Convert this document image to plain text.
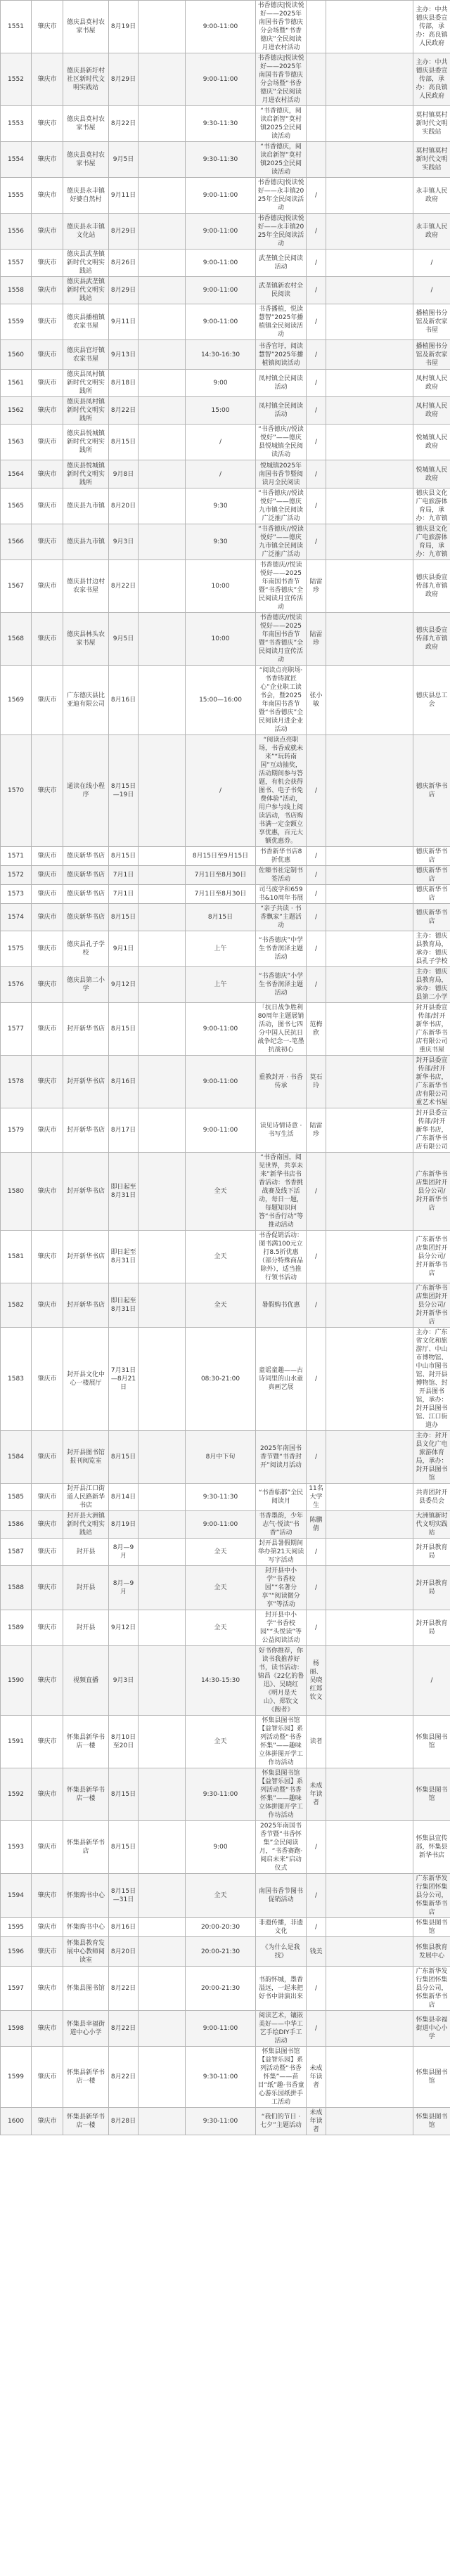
1551	肇庆市	德庆县莫村农家书屋	8月19日		9:00-11:00	书香德庆|悦读悦好——2025年南国书香节德庆分会场暨“书香德庆”全民阅读月进农村活动			主办：中共德庆县委宣传部，承办：高良镇人民政府
1552	肇庆市	德庆县新圩村社区新时代文明实践站	8月29日		9:00-11:00	书香德庆|悦读悦好——2025年南国书香节德庆分会场暨“书香德庆”全民阅读月进农村活动			主办：中共德庆县委宣传部，承办：高良镇人民政府
1553	肇庆市	德庆县莫村农家书屋	8月22日		9:30-11:30	“书香德庆，阅读启新智”莫村镇2025全民阅读活动			莫村镇莫村新时代文明实践站
1554	肇庆市	德庆县莫村农家书屋	9月5日		9:30-11:30	“书香德庆，阅读启新智”莫村镇2025全民阅读活动			莫村镇莫村新时代文明实践站
1555	肇庆市	德庆县永丰镇好婆自然村	9月11日		9:00-11:00	书香德庆|悦读悦好——永丰镇2025年全民阅读活动	/		永丰镇人民政府
1556	肇庆市	德庆县永丰镇文化站	8月29日		9:00-11:00	书香德庆|悦读悦好——永丰镇2025年全民阅读活动	/		永丰镇人民政府
1557	肇庆市	德庆县武垄镇新时代文明实践站	8月26日		9:00-11:00	武垄镇全民阅读活动	/		/
1558	肇庆市	德庆县武垄镇新时代文明实践站	8月29日		9:00-11:00	武垄镇新农村全民阅读	/		/
1559	肇庆市	德庆县播植镇农家书屋	9月11日		9:00-11:00	书香播植，悦读慧智”2025年播植镇全民阅读活动	/		播植图书分馆及新农家书屋
1560	肇庆市	德庆县官圩镇农家书屋	9月13日		14:30-16:30	书香官圩，阅读慧智”2025年播植镇阅读活动	/		播植图书分馆及新农家书屋
1561	肇庆市	德庆县凤村镇新时代文明实践所	8月18日		9:00	凤村镇全民阅读活动	/		凤村镇人民政府
1562	肇庆市	德庆县凤村镇新时代文明实践所	8月22日		15:00	凤村镇全民阅读活动	/		凤村镇人民政府
1563	肇庆市	德庆县悦城镇新时代文明实践所	8月15日		/	“书香德庆//悦读悦好”——德庆县悦城镇全民阅读活动	/		悦城镇人民政府
1564	肇庆市	德庆县悦城镇新时代文明实践所	9月8日		/	悦城镇2025年南国书香节暨阅读月全民阅读	/		悦城镇人民政府
1565	肇庆市	德庆县九市镇	8月20日		9:30	“书香德庆//悦读悦好”——德庆九市镇全民阅读广泛推广活动	/		德庆县文化广电旅游体育局，承办：九市镇
1566	肇庆市	德庆县九市镇	9月3日		9:30	“书香德庆//悦读悦好”——德庆九市镇全民阅读广泛推广活动	/		德庆县文化广电旅游体育局，承办：九市镇
1567	肇庆市	德庆县甘边村农家书屋	8月22日		10:00	书香德庆//悦读悦好——2025年南国书香节暨“书香德庆”全民阅读月宣传活动	陆雷珍		德庆县委宣传部九市镇政府
1568	肇庆市	德庆县林头农家书屋	9月5日		10:00	书香德庆//悦读悦好——2025年南国书香节暨“书香德庆”全民阅读月宣传活动	陆雷珍		德庆县委宣传部九市镇政府
1569	肇庆市	广东德庆县比亚迪有限公司	8月16日		15:00—16:00	“阅读点亮职场·书香铸就匠心”企业职工读书会，暨2025年南国书香节暨“书香德庆”全民阅读月进企业活动	张小敏		德庆县总工会
1570	肇庆市	通读在线小程序	8月15日—19日		/	“阅读点亮职场，书香成就未来”“玩转南国”互动抽奖，活动期间参与答题，有机会获得图书、电子书免费体验”活动，用户参与线上阅读活动，书店购书满一定金额立享优惠，百元大额优惠券。	/		德庆新华书店
1571	肇庆市	德庆新华书店	8月15日		8月15日至9月15日	书香新华书店8折优惠	/		德庆新华书店
1572	肇庆市	德庆新华书店	7月1日		7月1日至8月30日	佐臻书社定制书签活动	/		德庆新华书店
1573	肇庆市	德庆新华书店	7月1日		7月1日至8月30日	司马废学和659书&10周年书展	/		德庆新华书店
1574	肇庆市	德庆新华书店	8月15日		8月15日	“亲子共读 · 书香飘家”主题活动	/		德庆新华书店
1575	肇庆市	德庆县孔子学校	9月1日		上午	“书香德庆”中学生书香润泽主题活动	/		主办：德庆县教育局，承办：德庆县孔子学校
1576	肇庆市	德庆县第二小学	9月12日		上午	“书香德庆”小学生书香润泽主题活动	/		主办：德庆县教育局，承办：德庆县第二小学
1577	肇庆市	封开新华书店	8月15日		9:00-11:00	「抗日战争胜利80周年主题展销活动，图书七四分中国人民抗日战争纪念一-笔墨抗战初心	范梅欣		封开县委宣传部/封开新华书店，广东新华书店有限公司重庆书屋
1578	肇庆市	封开新华书店	8月16日		9:00-11:00	重教封开 · 书香传承	莫石玲		封开县委宣传部/封开新华书店，广东新华书店有限公司 重艺术书屋
1579	肇庆市	封开新华书店	8月17日		9:00-11:00	读见诗情诗意 · 书写生活	陆雷珍		封开县委宣传部/封开新华书店，广东新华书店有限公司
1580	肇庆市	封开新华书店	即日起至8月31日		全天	“书香南国，阅见世界，共享未来”新华书店书香活动：书香挑战赛及线下活动，每日一题，每题知识问答“书香行动”等推动活动	/		广东新华书店集团封开县分公司/封开新华书店
1581	肇庆市	封开新华书店	即日起至8月31日		全天	书香促销活动：图书满100元立打8.5折优惠（部分特殊商品除外），适当推行领书活动	/		广东新华书店集团封开县分公司/封开新华书店
1582	肇庆市	封开新华书店	即日起至8月31日		全天	暑假购书优惠	/		广东新华书店集团封开县分公司/封开新华书店
1583	肇庆市	封开县文化中心一楼展厅	7月31日—8月21日		08:30-21:00	童谣童趣——古诗词里的山水童真画艺展	/		主办：广东省文化和旅游厅、中山市博物馆、中山市图书馆、封开县博物馆、封开县图书馆，承办：封开县图书馆、江口街道办
1584	肇庆市	封开县图书馆报刊阅览室	8月15日		8月中下旬	2025年南国书香节暨“书香封开”阅读月活动	/		主办：封开县文化广电旅游体育局，承办：封开县图书馆
1585	肇庆市	封开县江口街道人民路新华书店	8月14日		9:30-11:30	“书香临都”全民阅读月	11名大学生		共青团封开县委员会
1586	肇庆市	封开县大洲镇新时代文明实践站	8月19日		9:00-11:00	书香墨韵，少年志气·悦读“书香”活动	陈鹏倩		大洲镇新时代文明实践站
1587	肇庆市	封开县	8月—9月		全天	封开县暑假期间举办第21天阅读写字活动	/		封开县教育局
1588	肇庆市	封开县	8月—9月		全天	封开县中小学“书香校园”“名著分享”“阅读微分享”等活动	/		封开县教育局
1589	肇庆市	封开县	9月12日		全天	封开县中小学“书香校园”“头悦读”等公益阅读活动	/		封开县教育局
1590	肇庆市	视频直播	9月3日		14:30-15:30	好书你推荐，你读书我推荐好书，读书活动：锦昌《22亿的鲁迅》、吴晓红《明月是天山》、郑钦文《跑者》	杨丽、吴晓红郑钦文		/
1591	肇庆市	怀集县新华书店一楼	8月10日至20日		全天	怀集县图书馆【益智乐园】系列活动暨“书香怀集”——趣味立体拼图开学工作坊活动	读者		怀集县图书馆
1592	肇庆市	怀集县新华书店一楼	8月15日		9:30-11:00	怀集县图书馆【益智乐园】系列活动暨“书香怀集”——趣味立体拼图开学工作坊活动	未成年读者		怀集县图书馆
1593	肇庆市	怀集县新华书店	8月15日		9:00	2025年南国书香节暨“书香怀集”全民阅读月，“书香赛跑·阅启未来”启动仪式	/		怀集县宣传部，怀集县新华书店
1594	肇庆市	怀集购书中心	8月15日—31日		全天	南国书香节图书促销活动	/		广东新华发行集团怀集县分公司，怀集新华书店
1595	肇庆市	怀集购书中心	8月16日		20:00-20:30	非遗传播，非遗文化	/		怀集县图书馆
1596	肇庆市	怀集县教育发展中心教师阅读室	8月20日		20:00-21:30	《为什么是我找》	钱美		怀集县教育发展中心
1597	肇庆市	怀集县图书馆	8月22日		20:00-21:30	书韵怀城，墨香溢远，一起来把好书中讲演出来	/		广东新华发行集团怀集县分公司，怀集新华书店
1598	肇庆市	怀集县幸福街道中心小学	8月22日		9:00-11:00	阅读艺术，镶嵌美好——中华工艺手绘DIY手工活动	/		怀集县幸福街道中心小学
1599	肇庆市	怀集县新华书店一楼	8月22日		9:30-11:00	怀集县图书馆【益智乐园】系列活动暨“书香怀集”——苗目“纸”趣·书香童心游乐园纸拼手工活动	未成年读者		怀集县图书馆
1600	肇庆市	怀集县新华书店一楼	8月28日		9:30-11:00	“我们的节日 · 七夕”主题活动	未成年读者		怀集县图书馆
